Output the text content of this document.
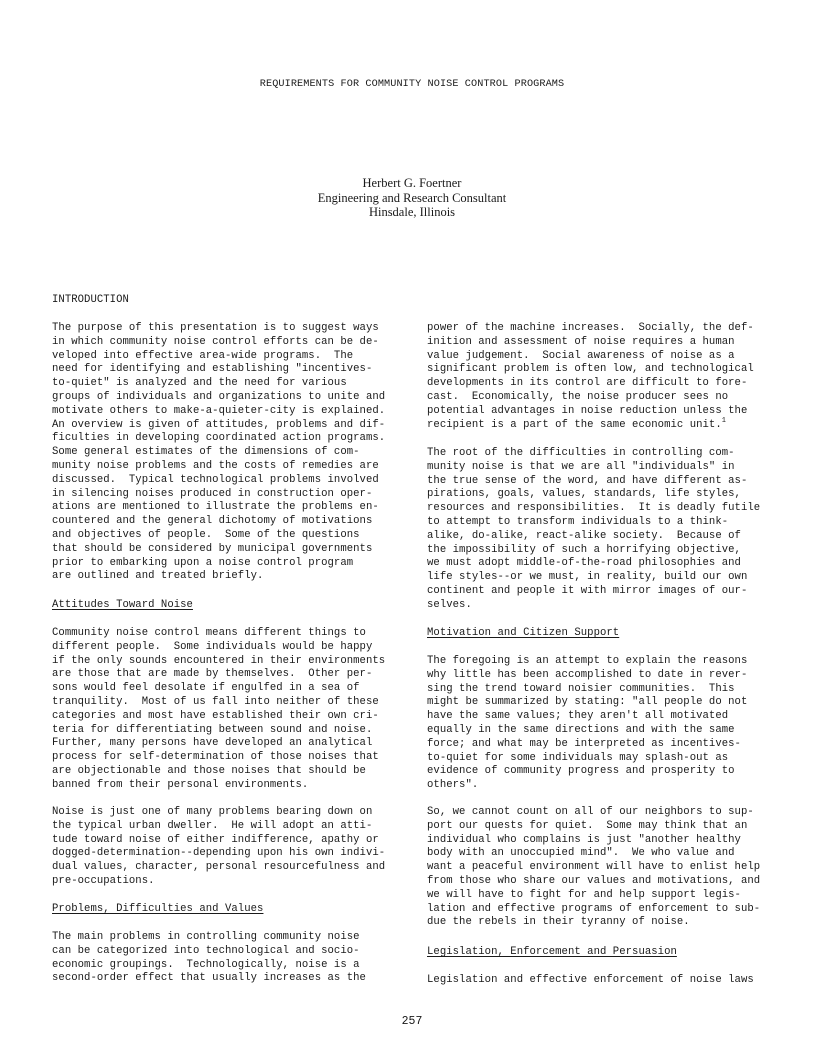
REQUIREMENTS FOR COMMUNITY NOISE CONTROL PROGRAMS
Herbert G. Foertner
Engineering and Research Consultant
Hinsdale, Illinois
INTRODUCTION

The purpose of this presentation is to suggest ways
in which community noise control efforts can be de-
veloped into effective area-wide programs.  The
need for identifying and establishing "incentives-
to-quiet" is analyzed and the need for various
groups of individuals and organizations to unite and
motivate others to make-a-quieter-city is explained.
An overview is given of attitudes, problems and dif-
ficulties in developing coordinated action programs.
Some general estimates of the dimensions of com-
munity noise problems and the costs of remedies are
discussed.  Typical technological problems involved
in silencing noises produced in construction oper-
ations are mentioned to illustrate the problems en-
countered and the general dichotomy of motivations
and objectives of people.  Some of the questions
that should be considered by municipal governments
prior to embarking upon a noise control program
are outlined and treated briefly.

Attitudes Toward Noise

Community noise control means different things to
different people.  Some individuals would be happy
if the only sounds encountered in their environments
are those that are made by themselves.  Other per-
sons would feel desolate if engulfed in a sea of
tranquility.  Most of us fall into neither of these
categories and most have established their own cri-
teria for differentiating between sound and noise.
Further, many persons have developed an analytical
process for self-determination of those noises that
are objectionable and those noises that should be
banned from their personal environments.

Noise is just one of many problems bearing down on
the typical urban dweller.  He will adopt an atti-
tude toward noise of either indifference, apathy or
dogged-determination--depending upon his own indivi-
dual values, character, personal resourcefulness and
pre-occupations.

Problems, Difficulties and Values

The main problems in controlling community noise
can be categorized into technological and socio-
economic groupings.  Technologically, noise is a
second-order effect that usually increases as the

power of the machine increases.  Socially, the def-
inition and assessment of noise requires a human
value judgement.  Social awareness of noise as a
significant problem is often low, and technological
developments in its control are difficult to fore-
cast.  Economically, the noise producer sees no
potential advantages in noise reduction unless the
recipient is a part of the same economic unit.$^1$

The root of the difficulties in controlling com-
munity noise is that we are all "individuals" in
the true sense of the word, and have different as-
pirations, goals, values, standards, life styles,
resources and responsibilities.  It is deadly futile
to attempt to transform individuals to a think-
alike, do-alike, react-alike society.  Because of
the impossibility of such a horrifying objective,
we must adopt middle-of-the-road philosophies and
life styles--or we must, in reality, build our own
continent and people it with mirror images of our-
selves.

Motivation and Citizen Support

The foregoing is an attempt to explain the reasons
why little has been accomplished to date in rever-
sing the trend toward noisier communities.  This
might be summarized by stating: "all people do not
have the same values; they aren't all motivated
equally in the same directions and with the same
force; and what may be interpreted as incentives-
to-quiet for some individuals may splash-out as
evidence of community progress and prosperity to
others".

So, we cannot count on all of our neighbors to sup-
port our quests for quiet.  Some may think that an
individual who complains is just "another healthy
body with an unoccupied mind".  We who value and
want a peaceful environment will have to enlist help
from those who share our values and motivations, and
we will have to fight for and help support legis-
lation and effective programs of enforcement to sub-
due the rebels in their tyranny of noise.

Legislation, Enforcement and Persuasion

Legislation and effective enforcement of noise laws

257
